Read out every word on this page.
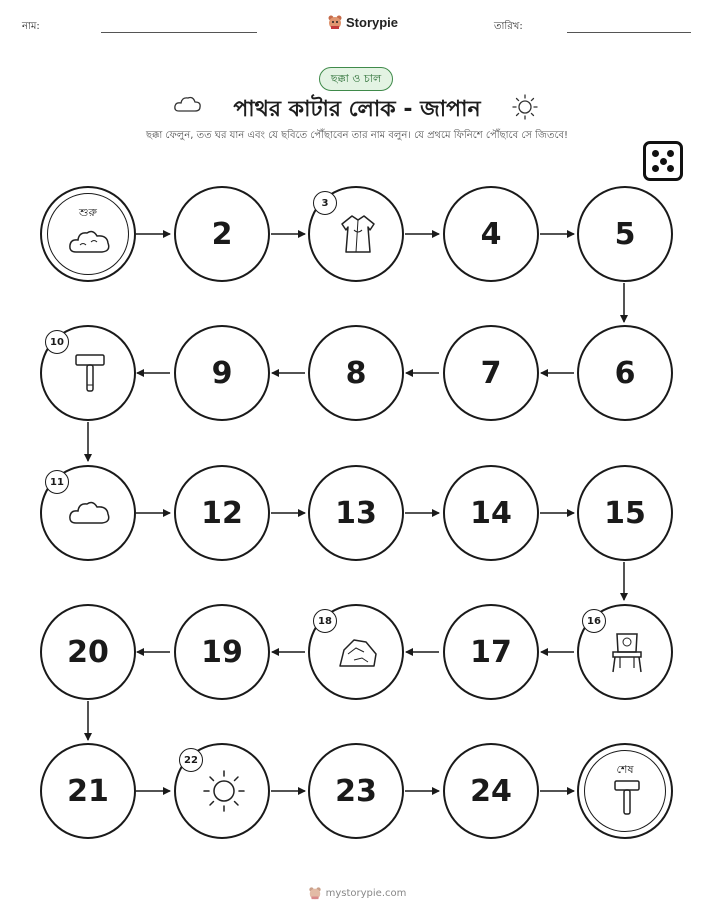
নাম:	Storypie	তারিখ:
ছক্কা ও চাল
পাথর কাটার লোক - জাপান
ছক্কা ফেলুন, তত ঘর যান এবং যে ছবিতে পৌঁছাবেন তার নাম বলুন। যে প্রথমে ফিনিশে পৌঁছাবে সে জিতবে!
শুরু
2
3
4	5
10
9	8	7	6
11
12	13	14	15
20	19
18
17
16
21
22
23	24
শেষ
mystorypie.com
